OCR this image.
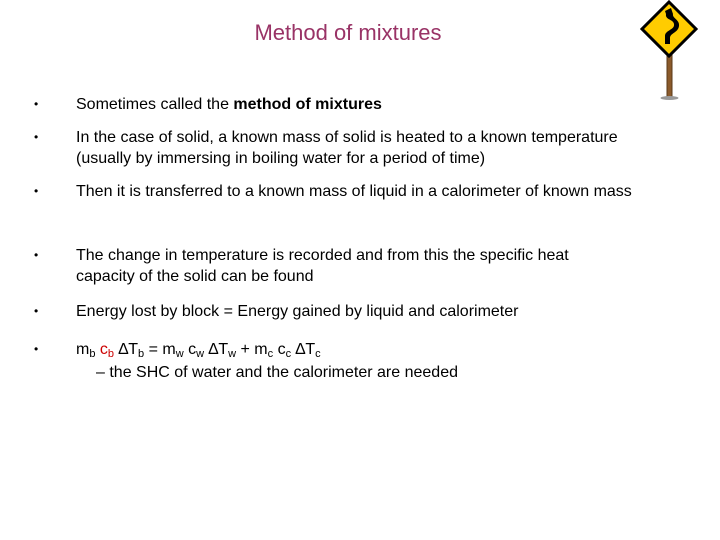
Method of mixtures
• Sometimes called the method of mixtures
• In the case of solid, a known mass of solid is heated to a known temperature
(usually by immersing in boiling water for a period of time)
• Then it is transferred to a known mass of liquid in a calorimeter of known mass
• The change in temperature is recorded and from this the specific heat
capacity of the solid can be found
• Energy lost by block = Energy gained by liquid and calorimeter
• mb cb ∆Tb = mw cw ∆Tw + mc cc ∆Tc
– the SHC of water and the calorimeter are needed
